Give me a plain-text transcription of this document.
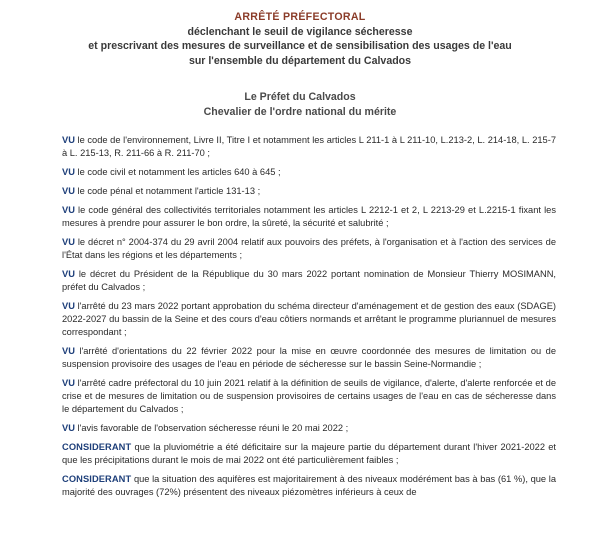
ARRÊTÉ PRÉFECTORAL
déclenchant le seuil de vigilance sécheresse
et prescrivant des mesures de surveillance et de sensibilisation des usages de l'eau
sur l'ensemble du département du Calvados
Le Préfet du Calvados
Chevalier de l'ordre national du mérite

VU le code de l'environnement, Livre II, Titre I et notamment les articles L 211-1 à L 211-10, L.213-2, L. 214-18, L. 215-7 à L. 215-13, R. 211-66 à R. 211-70 ;

VU le code civil et notamment les articles 640 à 645 ;

VU le code pénal et notamment l'article 131-13 ;

VU le code général des collectivités territoriales notamment les articles L 2212-1 et 2, L 2213-29 et L.2215-1 fixant les mesures à prendre pour assurer le bon ordre, la sûreté, la sécurité et salubrité ;

VU le décret n° 2004-374 du 29 avril 2004 relatif aux pouvoirs des préfets, à l'organisation et à l'action des services de l'État dans les régions et les départements ;

VU le décret du Président de la République du 30 mars 2022 portant nomination de Monsieur Thierry MOSIMANN, préfet du Calvados ;

VU l'arrêté du 23 mars 2022 portant approbation du schéma directeur d'aménagement et de gestion des eaux (SDAGE) 2022-2027 du bassin de la Seine et des cours d'eau côtiers normands et arrêtant le programme pluriannuel de mesures correspondant ;

VU l'arrêté d'orientations du 22 février 2022 pour la mise en œuvre coordonnée des mesures de limitation ou de suspension provisoire des usages de l'eau en période de sécheresse sur le bassin Seine-Normandie ;

VU l'arrêté cadre préfectoral du 10 juin 2021 relatif à la définition de seuils de vigilance, d'alerte, d'alerte renforcée et de crise et de mesures de limitation ou de suspension provisoires de certains usages de l'eau en cas de sécheresse dans le département du Calvados ;

VU l'avis favorable de l'observation sécheresse réuni le 20 mai 2022 ;

CONSIDERANT que la pluviométrie a été déficitaire sur la majeure partie du département durant l'hiver 2021-2022 et que les précipitations durant le mois de mai 2022 ont été particulièrement faibles ;

CONSIDERANT que la situation des aquifères est majoritairement à des niveaux modérément bas à bas (61 %), que la majorité des ouvrages (72%) présentent des niveaux piézomètres inférieurs à ceux de
